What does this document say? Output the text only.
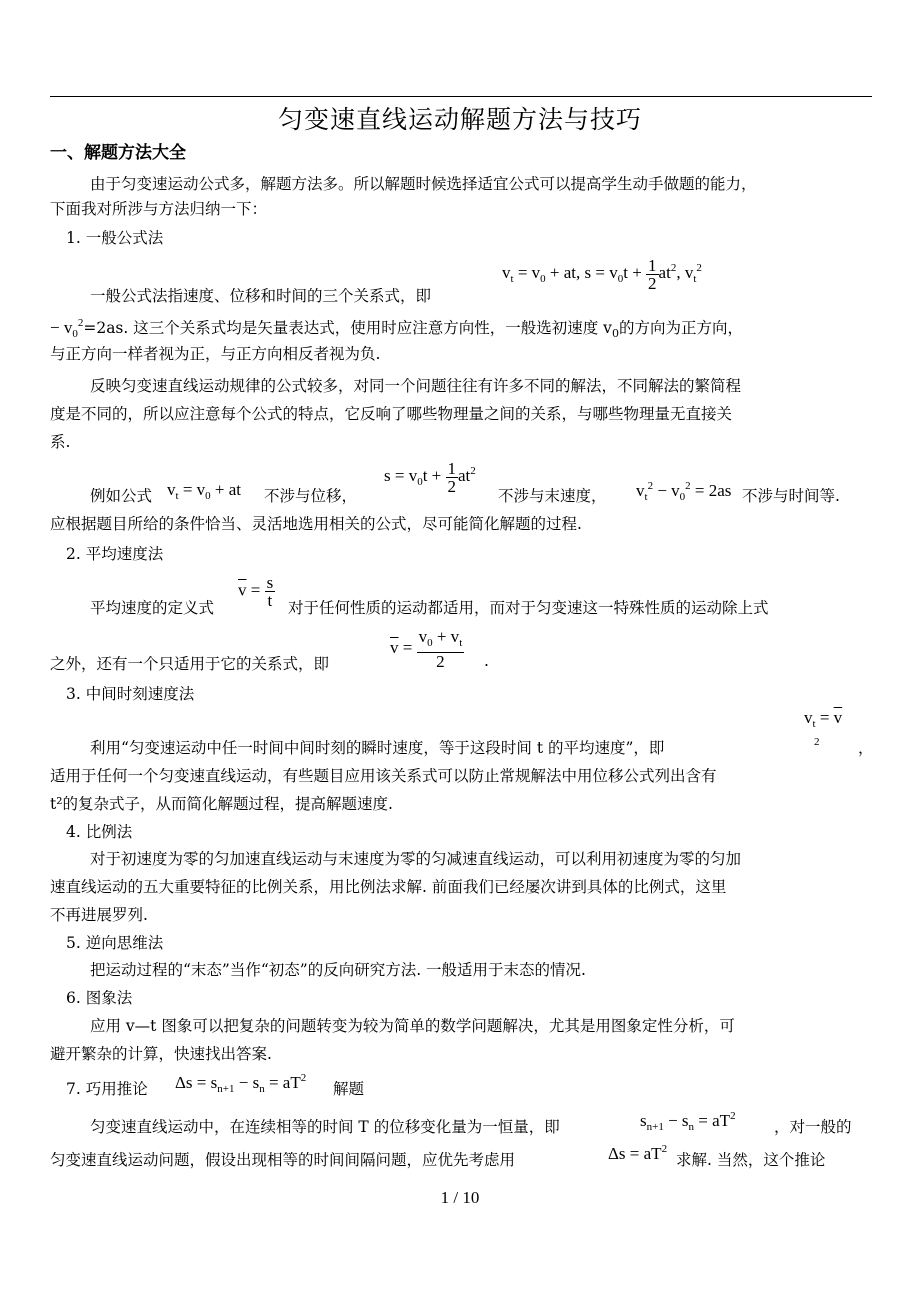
匀变速直线运动解题方法与技巧
一、解题方法大全
由于匀变速运动公式多，解题方法多。所以解题时候选择适宜公式可以提高学生动手做题的能力，
下面我对所涉与方法归纳一下：
1. 一般公式法
一般公式法指速度、位移和时间的三个关系式，即
$v_t = v_0$ + at, $s = v_0t + \frac{1}{2} at^2$, $v_t^2$
− $v_0^2=2as$. 这三个关系式均是矢量表达式，使用时应注意方向性，一般选初速度 $v_0$的方向为正方向，
与正方向一样者视为正，与正方向相反者视为负.
反映匀变速直线运动规律的公式较多，对同一个问题往往有许多不同的解法，不同解法的繁简程
度是不同的，所以应注意每个公式的特点，它反响了哪些物理量之间的关系，与哪些物理量无直接关
系.
例如公式 $v_t = v_0$ + at 不涉与位移，
$s = v_0t + \frac{1}{2} at^2$
不涉与末速度， $v_t^2 - v_0^2 = 2as$ 不涉与时间等.
应根据题目所给的条件恰当、灵活地选用相关的公式，尽可能简化解题的过程.
2. 平均速度法
平均速度的定义式
$\overline{v} = \frac{s}{t}$ 对于任何性质的运动都适用，而对于匀变速这一特殊性质的运动除上式
之外，还有一个只适用于它的关系式，即
$\overline{v} = \frac{v_0 + v_t}{2}$ .
3. 中间时刻速度法
利用“匀变速运动中任一时间中间时刻的瞬时速度，等于这段时间 t 的平均速度”，即
$v_t = \overline{v}$
2 ，
适用于任何一个匀变速直线运动，有些题目应用该关系式可以防止常规解法中用位移公式列出含有
t²的复杂式子，从而简化解题过程，提高解题速度.
4. 比例法
对于初速度为零的匀加速直线运动与末速度为零的匀减速直线运动，可以利用初速度为零的匀加
速直线运动的五大重要特征的比例关系，用比例法求解. 前面我们已经屡次讲到具体的比例式，这里
不再进展罗列.
5. 逆向思维法
把运动过程的“末态”当作“初态”的反向研究方法. 一般适用于末态的情况.
6. 图象法
应用 v—t 图象可以把复杂的问题转变为较为简单的数学问题解决，尤其是用图象定性分析，可
避开繁杂的计算，快速找出答案.
7. 巧用推论 $\Delta s = s_{n+1} - s_n = aT^2$
解题
匀变速直线运动中，在连续相等的时间 T 的位移变化量为一恒量，即	$s_{n+1} - s_n = aT^2$
，对一般的
匀变速直线运动问题，假设出现相等的时间间隔问题，应优先考虑用	$\Delta s = aT^2$
求解. 当然，这个推论
1 / 10
